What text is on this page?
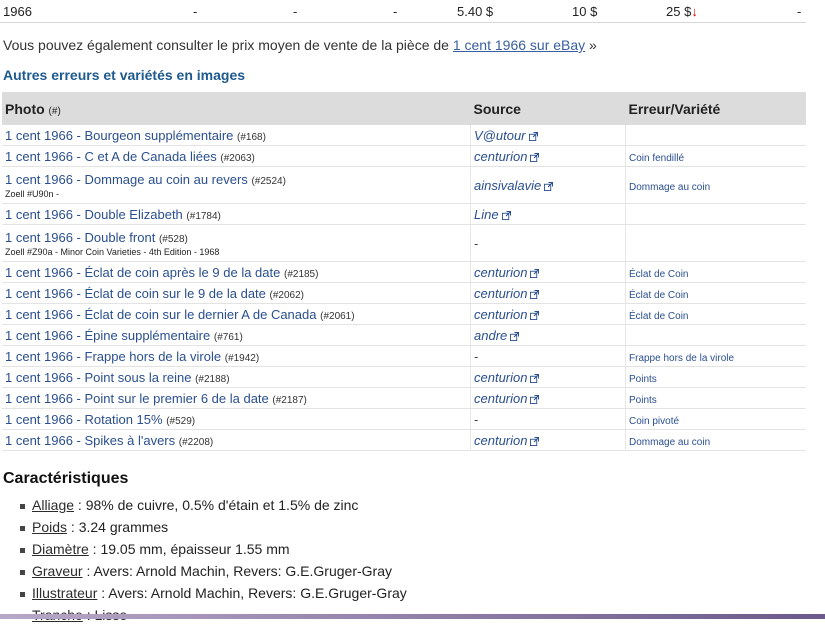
1966	-	-	-	5.40 $	10 $	25 $↓	-
Vous pouvez également consulter le prix moyen de vente de la pièce de 1 cent 1966 sur eBay »
Autres erreurs et variétés en images
Photo (#)	Source	Erreur/Variété
1 cent 1966 - Bourgeon supplémentaire (#168)	V@utour	
1 cent 1966 - C et A de Canada liées (#2063)	centurion	Coin fendillé
1 cent 1966 - Dommage au coin au revers (#2524)
Zoell #U90n -	ainsivalavie	Dommage au coin
1 cent 1966 - Double Elizabeth (#1784)	Line	
1 cent 1966 - Double front (#528)
Zoell #Z90a - Minor Coin Varieties - 4th Edition - 1968	-	
1 cent 1966 - Éclat de coin après le 9 de la date (#2185)	centurion	Éclat de Coin
1 cent 1966 - Éclat de coin sur le 9 de la date (#2062)	centurion	Éclat de Coin
1 cent 1966 - Éclat de coin sur le dernier A de Canada (#2061)	centurion	Éclat de Coin
1 cent 1966 - Épine supplémentaire (#761)	andre	
1 cent 1966 - Frappe hors de la virole (#1942)	-	Frappe hors de la virole
1 cent 1966 - Point sous la reine (#2188)	centurion	Points
1 cent 1966 - Point sur le premier 6 de la date (#2187)	centurion	Points
1 cent 1966 - Rotation 15% (#529)	-	Coin pivoté
1 cent 1966 - Spikes à l'avers (#2208)	centurion	Dommage au coin
Caractéristiques
Alliage : 98% de cuivre, 0.5% d'étain et 1.5% de zinc
Poids : 3.24 grammes
Diamètre : 19.05 mm, épaisseur 1.55 mm
Graveur : Avers: Arnold Machin, Revers: G.E.Gruger-Gray
Illustrateur : Avers: Arnold Machin, Revers: G.E.Gruger-Gray
